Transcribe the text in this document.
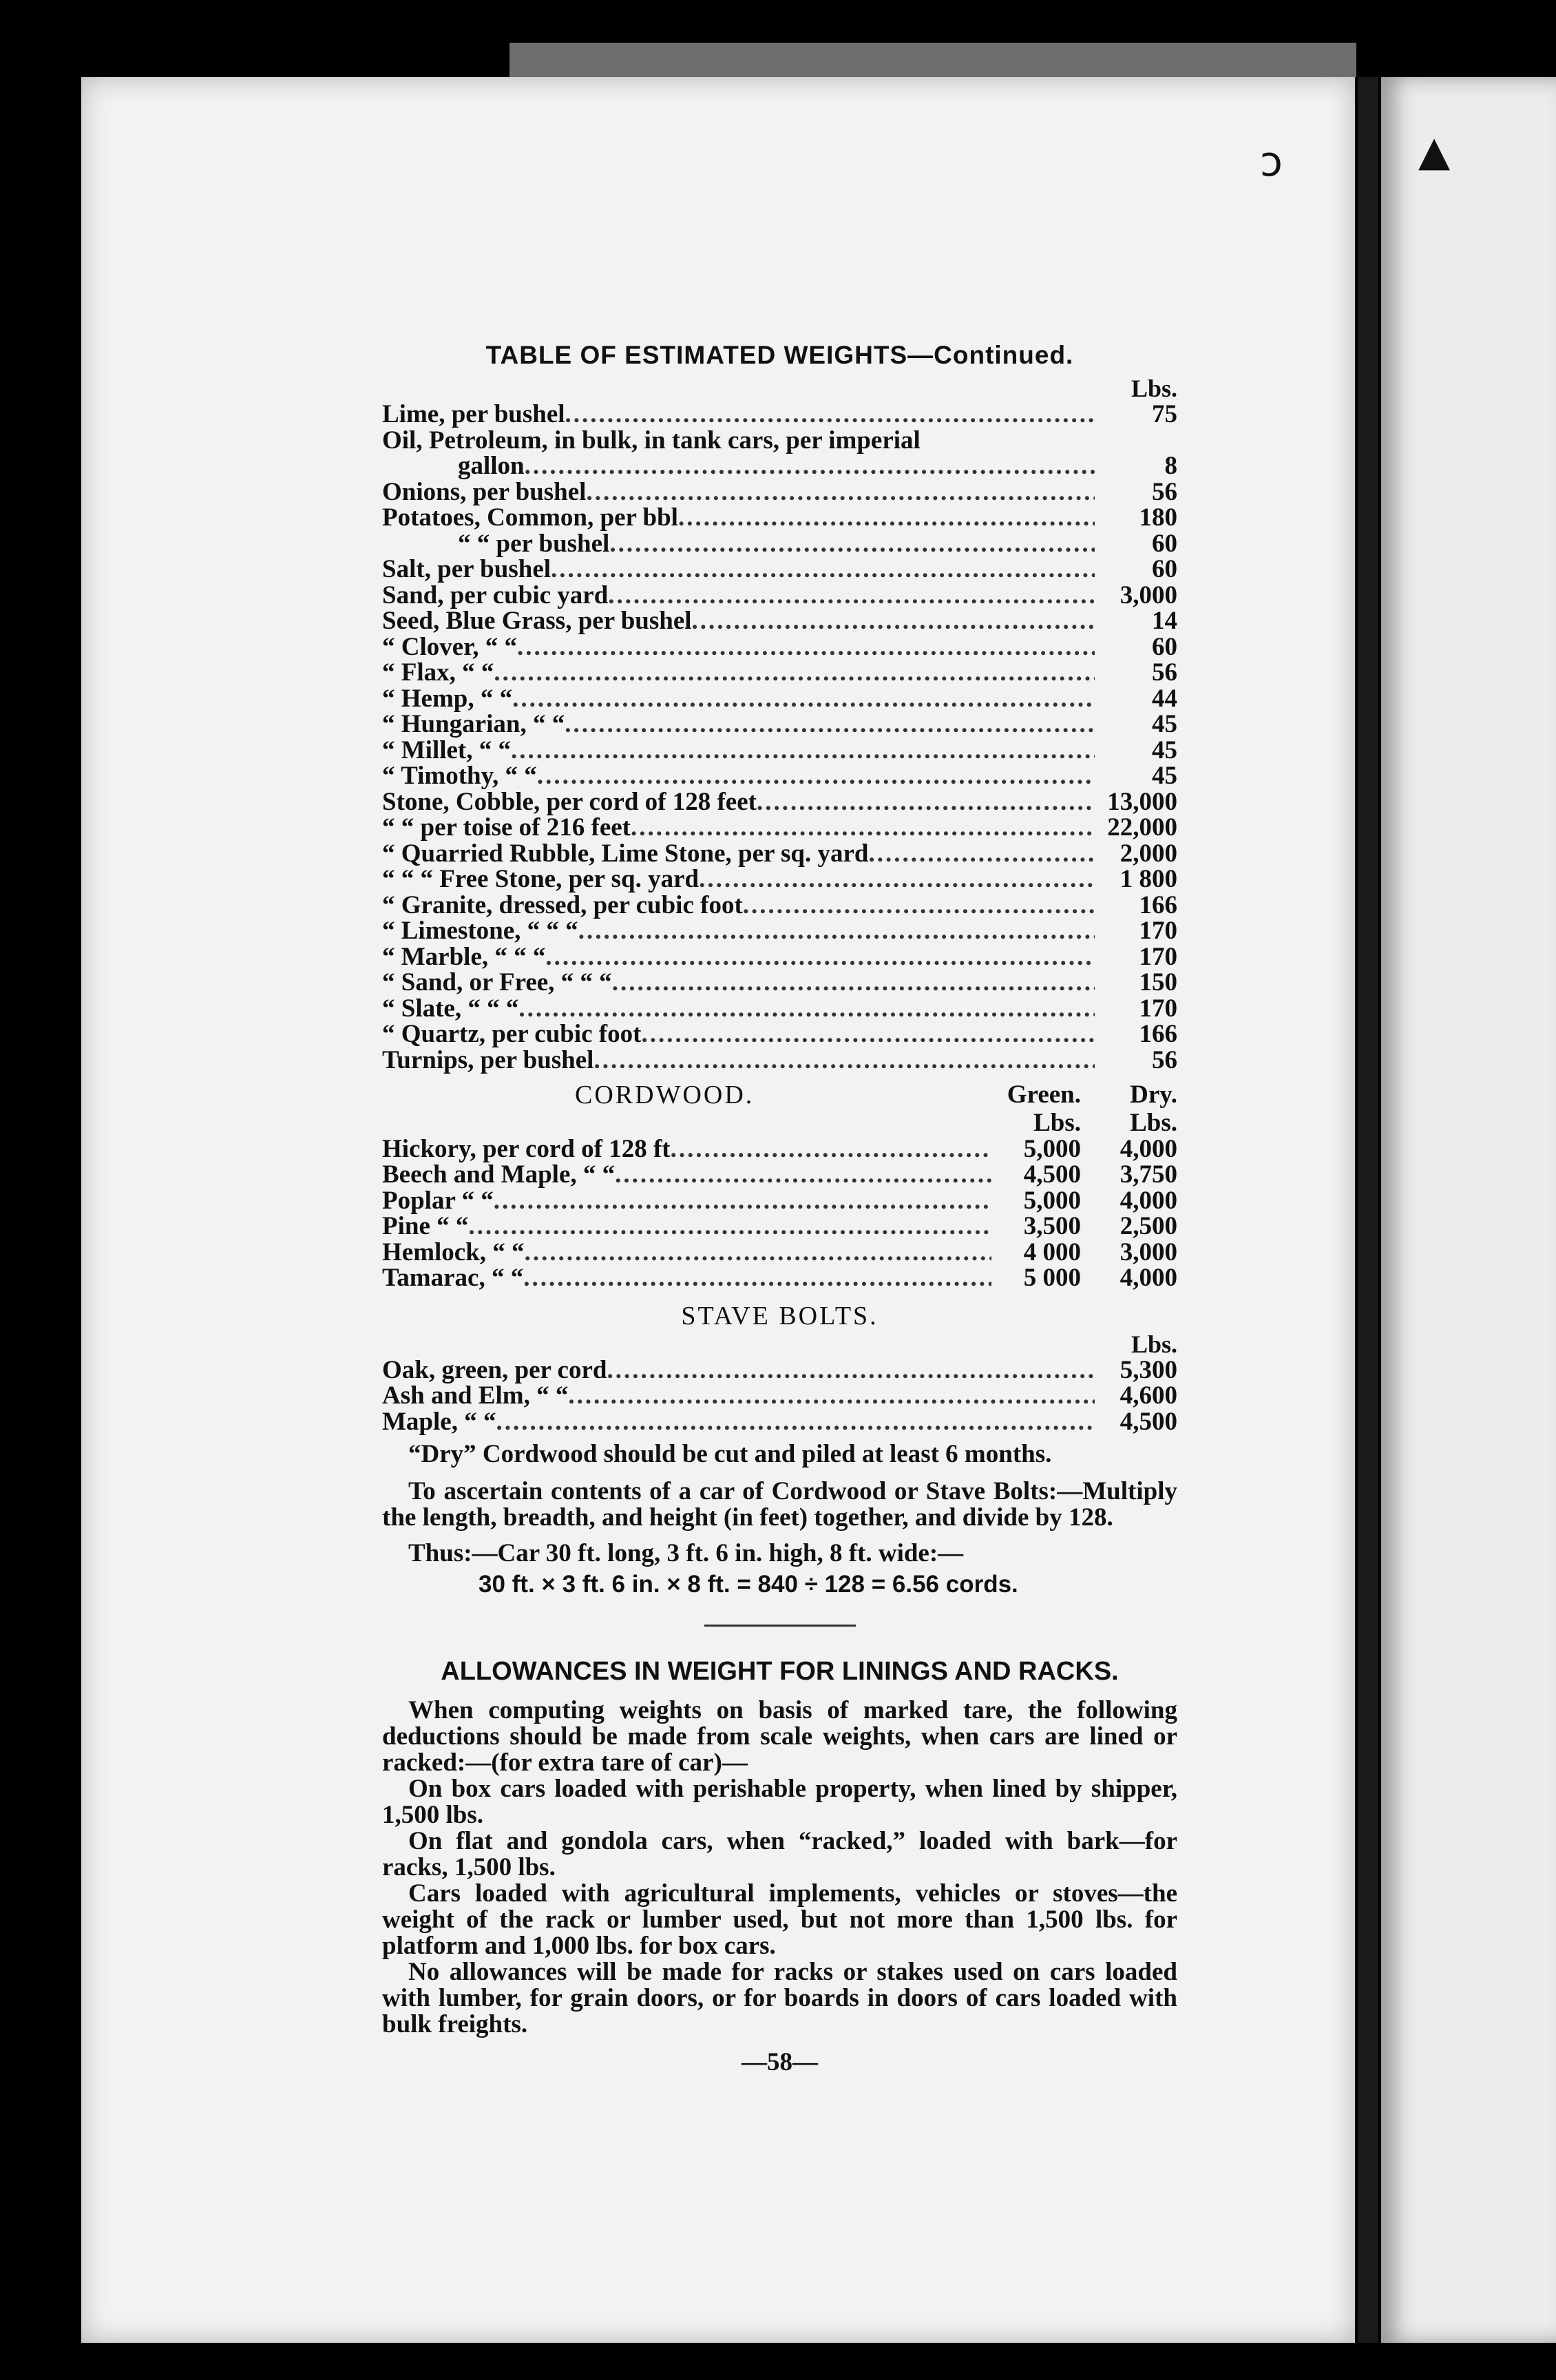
ↄ	▲
TABLE OF ESTIMATED WEIGHTS—Continued.
Lbs.
Lime, per bushel .....	75
Oil, Petroleum, in bulk, in tank cars, per imperial
gallon .....	8
Onions, per bushel .....	56
Potatoes, Common, per bbl .....	180
“ “ per bushel .....	60
Salt, per bushel .....	60
Sand, per cubic yard .....	3,000
Seed, Blue Grass, per bushel .....	14
“ Clover, “ “ .....	60
“ Flax, “ “ .....	56
“ Hemp, “ “ .....	44
“ Hungarian, “ “ .....	45
“ Millet, “ “ .....	45
“ Timothy, “ “ .....	45
Stone, Cobble, per cord of 128 feet .....	13,000
“ “ per toise of 216 feet .....	22,000
“ Quarried Rubble, Lime Stone, per sq. yard .....	2,000
“ “ “ Free Stone, per sq. yard .....	1 800
“ Granite, dressed, per cubic foot .....	166
“ Limestone, “ “ “ .....	170
“ Marble, “ “ “ .....	170
“ Sand, or Free, “ “ “ .....	150
“ Slate, “ “ “ .....	170
“ Quartz, per cubic foot .....	166
Turnips, per bushel .....	56
CORDWOOD.	Green.	Dry.
Lbs.	Lbs.
Hickory, per cord of 128 ft .....	5,000	4,000
Beech and Maple, “ “ .....	4,500	3,750
Poplar “ “ .....	5,000	4,000
Pine “ “ .....	3,500	2,500
Hemlock, “ “ .....	4 000	3,000
Tamarac, “ “ .....	5 000	4,000
STAVE BOLTS.
Lbs.
Oak, green, per cord .....	5,300
Ash and Elm, “ “ .....	4,600
Maple, “ “ .....	4,500

“Dry” Cordwood should be cut and piled at least 6 months.

To ascertain contents of a car of Cordwood or Stave Bolts:—Multiply the length, breadth, and height (in feet) together, and divide by 128.

Thus:—Car 30 ft. long, 3 ft. 6 in. high, 8 ft. wide:—

30 ft. × 3 ft. 6 in. × 8 ft. = 840 ÷ 128 = 6.56 cords.
ALLOWANCES IN WEIGHT FOR LININGS AND RACKS.

When computing weights on basis of marked tare, the following deductions should be made from scale weights, when cars are lined or racked:—(for extra tare of car)—

On box cars loaded with perishable property, when lined by shipper, 1,500 lbs.

On flat and gondola cars, when “racked,” loaded with bark—for racks, 1,500 lbs.

Cars loaded with agricultural implements, vehicles or stoves—the weight of the rack or lumber used, but not more than 1,500 lbs. for platform and 1,000 lbs. for box cars.

No allowances will be made for racks or stakes used on cars loaded with lumber, for grain doors, or for boards in doors of cars loaded with bulk freights.

—58—
